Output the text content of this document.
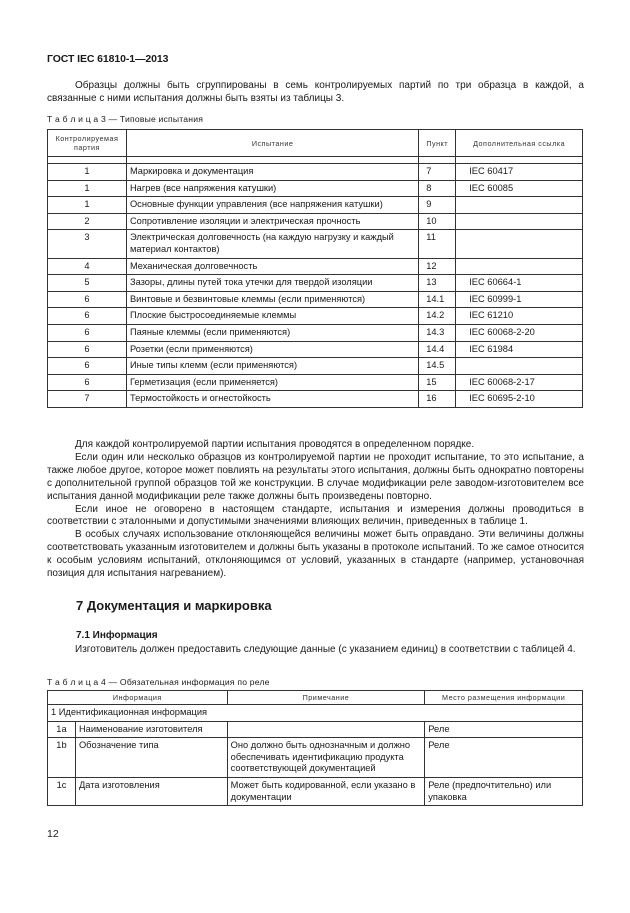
ГОСТ IEC 61810-1—2013
Образцы должны быть сгруппированы в семь контролируемых партий по три образца в каждой, а связанные с ними испытания должны быть взяты из таблицы 3.
Т а б л и ц а 3 — Типовые испытания
Контролируемая партия	Испытание	Пункт	Дополнительная ссылка

1	Маркировка и документация	7	IEC 60417
1	Нагрев (все напряжения катушки)	8	IEC 60085
1	Основные функции управления (все напряжения катушки)	9	
2	Сопротивление изоляции и электрическая прочность	10	
3	Электрическая долговечность (на каждую нагрузку и каждый материал контактов)	11	
4	Механическая долговечность	12	
5	Зазоры, длины путей тока утечки для твердой изоляции	13	IEC 60664-1
6	Винтовые и безвинтовые клеммы (если применяются)	14.1	IEC 60999-1
6	Плоские быстросоединяемые клеммы	14.2	IEC 61210
6	Паяные клеммы (если применяются)	14.3	IEC 60068-2-20
6	Розетки (если применяются)	14.4	IEC 61984
6	Иные типы клемм (если применяются)	14.5	
6	Герметизация (если применяется)	15	IEC 60068-2-17
7	Термостойкость и огнестойкость	16	IEC 60695-2-10
Для каждой контролируемой партии испытания проводятся в определенном порядке.
Если один или несколько образцов из контролируемой партии не проходит испытание, то это испытание, а также любое другое, которое может повлиять на результаты этого испытания, должны быть однократно повторены с дополнительной группой образцов той же конструкции. В случае модификации реле заводом-изготовителем все испытания данной модификации реле также должны быть произведены повторно.
Если иное не оговорено в настоящем стандарте, испытания и измерения должны проводиться в соответствии с эталонными и допустимыми значениями влияющих величин, приведенных в таблице 1.
В особых случаях использование отклоняющейся величины может быть оправдано. Эти величины должны соответствовать указанным изготовителем и должны быть указаны в протоколе испытаний. То же самое относится к особым условиям испытаний, отклоняющимся от условий, указанных в стандарте (например, установочная позиция для испытания нагреванием).
7 Документация и маркировка
7.1 Информация
Изготовитель должен предоставить следующие данные (с указанием единиц) в соответствии с таблицей 4.
Т а б л и ц а 4 — Обязательная информация по реле
Информация		Примечание	Место размещения информации
1 Идентификационная информация			
1a	Наименование изготовителя		Реле
1b	Обозначение типа	Оно должно быть однозначным и должно обеспечивать идентификацию продукта соответствующей документацией	Реле
1c	Дата изготовления	Может быть кодированной, если указано в документации	Реле (предпочтительно) или упаковка
12
